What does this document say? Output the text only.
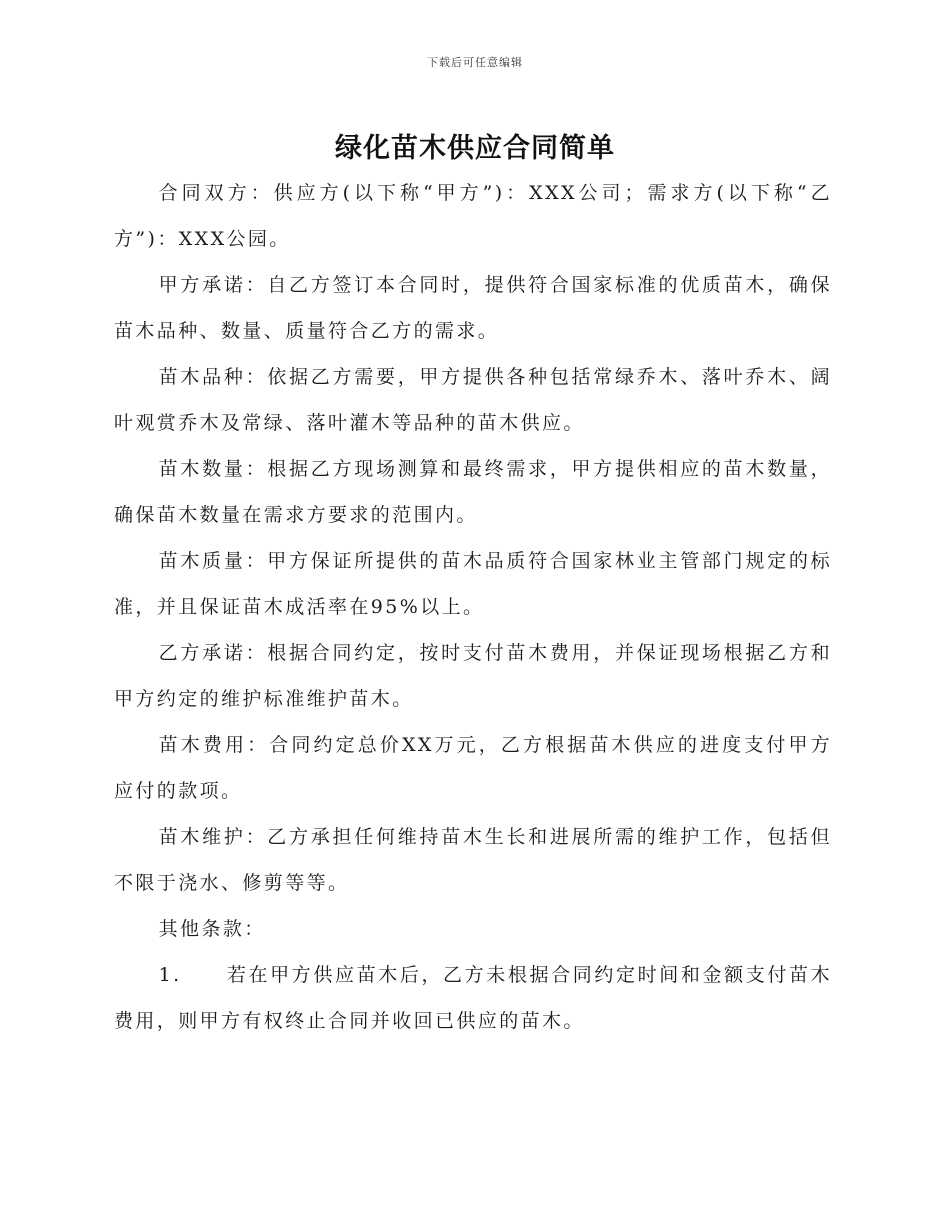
下载后可任意编辑
绿化苗木供应合同简单

合同双方：供应方(以下称“甲方”)：XXX公司；需求方(以下称“乙方”)：XXX公园。

甲方承诺：自乙方签订本合同时，提供符合国家标准的优质苗木，确保苗木品种、数量、质量符合乙方的需求。

苗木品种：依据乙方需要，甲方提供各种包括常绿乔木、落叶乔木、阔叶观赏乔木及常绿、落叶灌木等品种的苗木供应。

苗木数量：根据乙方现场测算和最终需求，甲方提供相应的苗木数量，确保苗木数量在需求方要求的范围内。

苗木质量：甲方保证所提供的苗木品质符合国家林业主管部门规定的标准，并且保证苗木成活率在95%以上。

乙方承诺：根据合同约定，按时支付苗木费用，并保证现场根据乙方和甲方约定的维护标准维护苗木。

苗木费用：合同约定总价XX万元，乙方根据苗木供应的进度支付甲方应付的款项。

苗木维护：乙方承担任何维持苗木生长和进展所需的维护工作，包括但不限于浇水、修剪等等。

其他条款：

1. 若在甲方供应苗木后，乙方未根据合同约定时间和金额支付苗木费用，则甲方有权终止合同并收回已供应的苗木。
